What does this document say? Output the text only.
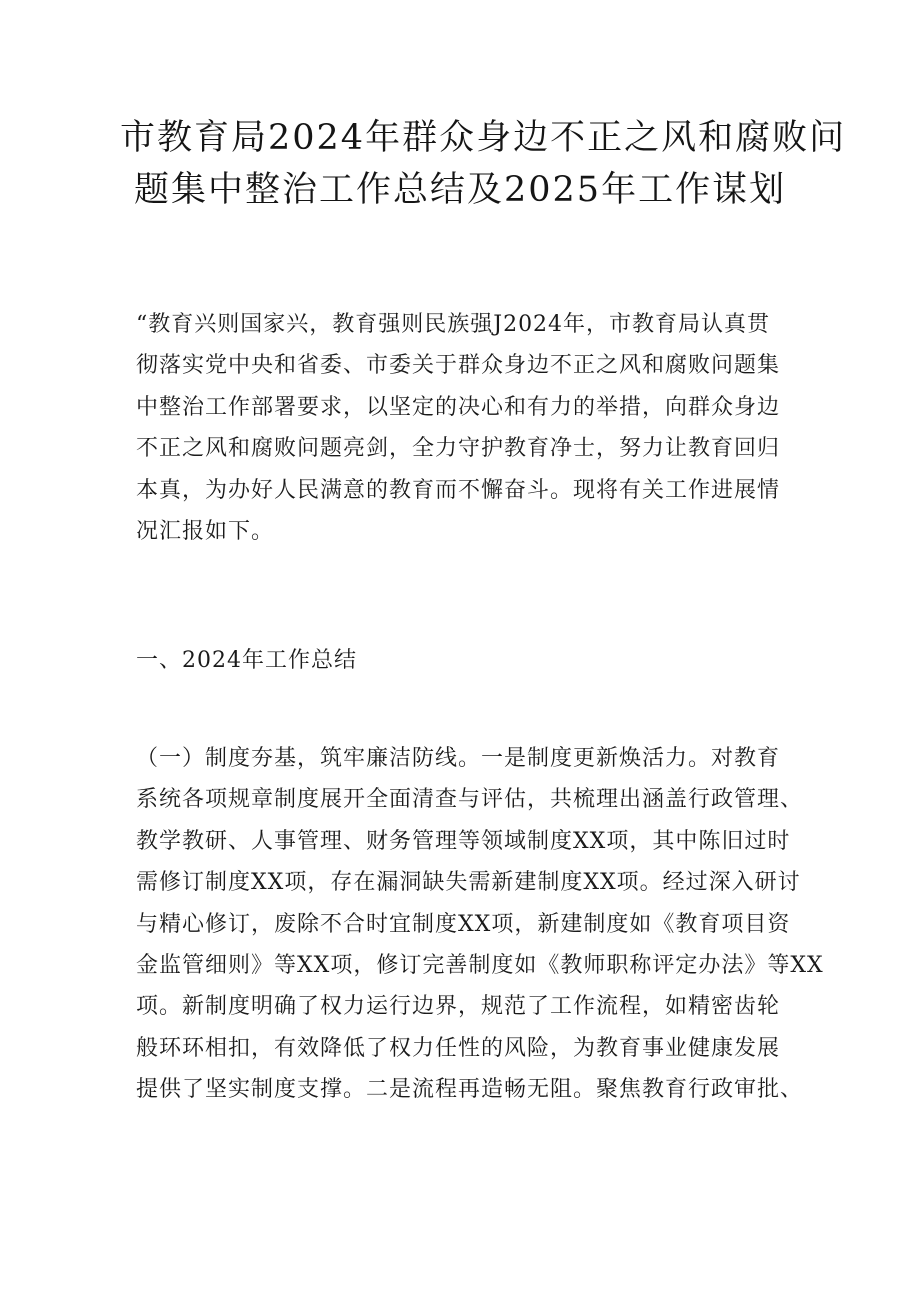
市教育局2024年群众身边不正之风和腐败问
题集中整治工作总结及2025年工作谋划

“教育兴则国家兴，教育强则民族强J2024年，市教育局认真贯
彻落实党中央和省委、市委关于群众身边不正之风和腐败问题集
中整治工作部署要求，以坚定的决心和有力的举措，向群众身边
不正之风和腐败问题亮剑，全力守护教育净士，努力让教育回归
本真，为办好人民满意的教育而不懈奋斗。现将有关工作进展情
况汇报如下。

一、2024年工作总结

（一）制度夯基，筑牢廉洁防线。一是制度更新焕活力。对教育
系统各项规章制度展开全面清查与评估，共梳理出涵盖行政管理、
教学教研、人事管理、财务管理等领域制度XX项，其中陈旧过时
需修订制度XX项，存在漏洞缺失需新建制度XX项。经过深入研讨
与精心修订，废除不合时宜制度XX项，新建制度如《教育项目资
金监管细则》等XX项，修订完善制度如《教师职称评定办法》等XX
项。新制度明确了权力运行边界，规范了工作流程，如精密齿轮
般环环相扣，有效降低了权力任性的风险，为教育事业健康发展
提供了坚实制度支撑。二是流程再造畅无阻。聚焦教育行政审批、
